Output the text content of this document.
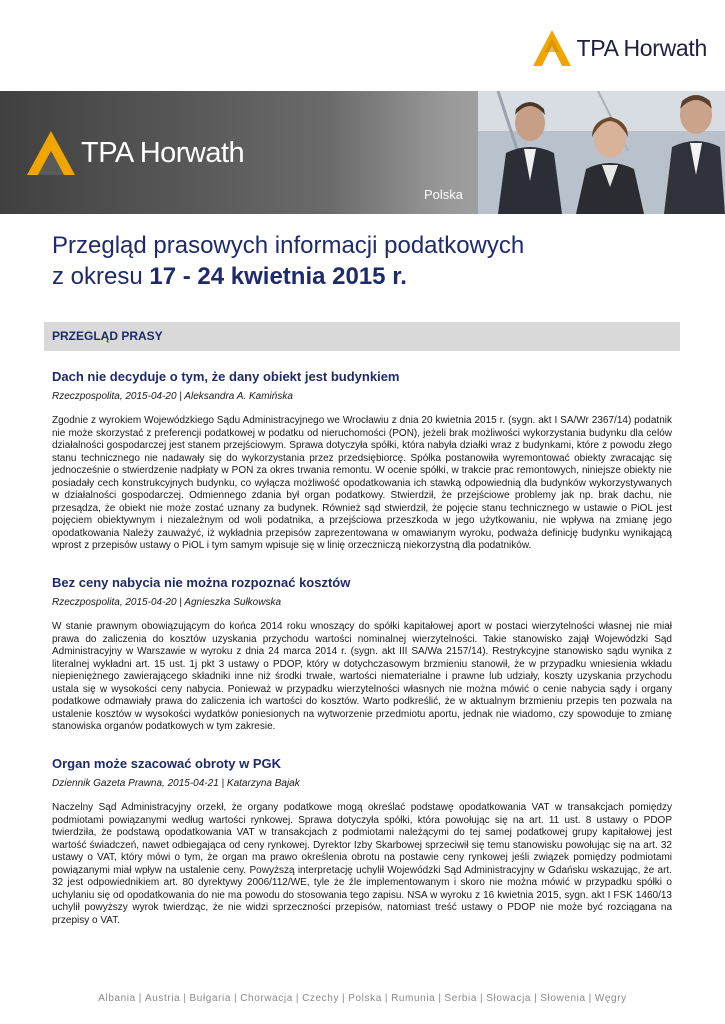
TPA Horwath
TPA Horwath
Polska
Przegląd prasowych informacji podatkowych
z okresu 17 - 24 kwietnia 2015 r.
PRZEGLĄD PRASY
Dach nie decyduje o tym, że dany obiekt jest budynkiem
Rzeczpospolita, 2015-04-20 | Aleksandra A. Kamińska
Zgodnie z wyrokiem Wojewódzkiego Sądu Administracyjnego we Wrocławiu z dnia 20 kwietnia 2015 r. (sygn. akt I SA/Wr 2367/14) podatnik nie może skorzystać z preferencji podatkowej w podatku od nieruchomości (PON), jeżeli brak możliwości wykorzystania budynku dla celów działalności gospodarczej jest stanem przejściowym. Sprawa dotyczyła spółki, która nabyła działki wraz z budynkami, które z powodu złego stanu technicznego nie nadawały się do wykorzystania przez przedsiębiorcę. Spółka postanowiła wyremontować obiekty zwracając się jednocześnie o stwierdzenie nadpłaty w PON za okres trwania remontu. W ocenie spółki, w trakcie prac remontowych, niniejsze obiekty nie posiadały cech konstrukcyjnych budynku, co wyłącza możliwość opodatkowania ich stawką odpowiednią dla budynków wykorzystywanych w działalności gospodarczej. Odmiennego zdania był organ podatkowy. Stwierdził, że przejściowe problemy jak np. brak dachu, nie przesądza, że obiekt nie może zostać uznany za budynek. Również sąd stwierdził, że pojęcie stanu technicznego w ustawie o PiOL jest pojęciem obiektywnym i niezależnym od woli podatnika, a przejściowa przeszkoda w jego użytkowaniu, nie wpływa na zmianę jego opodatkowania Należy zauważyć, iż wykładnia przepisów zaprezentowana w omawianym wyroku, podważa definicję budynku wynikającą wprost z przepisów ustawy o PiOL i tym samym wpisuje się w linię orzeczniczą niekorzystną dla podatników.
Bez ceny nabycia nie można rozpoznać kosztów
Rzeczpospolita, 2015-04-20 | Agnieszka Sułkowska
W stanie prawnym obowiązującym do końca 2014 roku wnoszący do spółki kapitałowej aport w postaci wierzytelności własnej nie miał prawa do zaliczenia do kosztów uzyskania przychodu wartości nominalnej wierzytelności. Takie stanowisko zajął Wojewódzki Sąd Administracyjny w Warszawie w wyroku z dnia 24 marca 2014 r. (sygn. akt III SA/Wa 2157/14). Restrykcyjne stanowisko sądu wynika z literalnej wykładni art. 15 ust. 1j pkt 3 ustawy o PDOP, który w dotychczasowym brzmieniu stanowił, że w przypadku wniesienia wkładu niepieniężnego zawierającego składniki inne niż środki trwałe, wartości niematerialne i prawne lub udziały, koszty uzyskania przychodu ustala się w wysokości ceny nabycia. Ponieważ w przypadku wierzytelności własnych nie można mówić o cenie nabycia sądy i organy podatkowe odmawiały prawa do zaliczenia ich wartości do kosztów. Warto podkreślić, że w aktualnym brzmieniu przepis ten pozwala na ustalenie kosztów w wysokości wydatków poniesionych na wytworzenie przedmiotu aportu, jednak nie wiadomo, czy spowoduje to zmianę stanowiska organów podatkowych w tym zakresie.
Organ może szacować obroty w PGK
Dziennik Gazeta Prawna, 2015-04-21 | Katarzyna Bajak
Naczelny Sąd Administracyjny orzekł, że organy podatkowe mogą określać podstawę opodatkowania VAT w transakcjach pomiędzy podmiotami powiązanymi według wartości rynkowej. Sprawa dotyczyła spółki, która powołując się na art. 11 ust. 8 ustawy o PDOP twierdziła, że podstawą opodatkowania VAT w transakcjach z podmiotami należącymi do tej samej podatkowej grupy kapitałowej jest wartość świadczeń, nawet odbiegająca od ceny rynkowej. Dyrektor Izby Skarbowej sprzeciwił się temu stanowisku powołując się na art. 32 ustawy o VAT, który mówi o tym, że organ ma prawo określenia obrotu na postawie ceny rynkowej jeśli związek pomiędzy podmiotami powiązanymi miał wpływ na ustalenie ceny. Powyższą interpretację uchylił Wojewódzki Sąd Administracyjny w Gdańsku wskazując, że art. 32 jest odpowiednikiem art. 80 dyrektywy 2006/112/WE, tyle że źle implementowanym i skoro nie można mówić w przypadku spółki o uchylaniu się od opodatkowania do nie ma powodu do stosowania tego zapisu. NSA w wyroku z 16 kwietnia 2015, sygn. akt I FSK 1460/13 uchylił powyższy wyrok twierdząc, że nie widzi sprzeczności przepisów, natomiast treść ustawy o PDOP nie może być rozciągana na przepisy o VAT.
Albania | Austria | Bułgaria | Chorwacja | Czechy | Polska | Rumunia | Serbia | Słowacja | Słowenia | Węgry
